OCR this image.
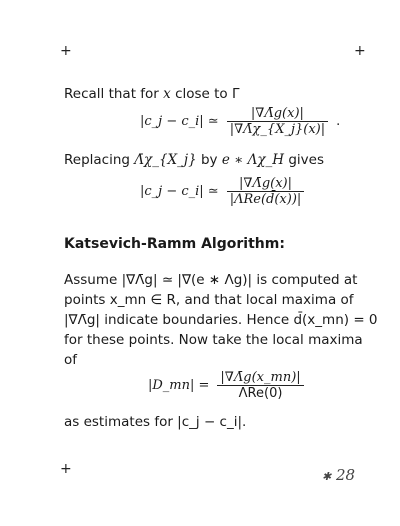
+	+
+
Recall that for x close to Γ
|c_j − c_i| ≃ $\frac{|\nabla\Lambdāg(x)|}{|\nabla\Lambdā\chi\_\{X\_j\}(x)|}$ .
Replacing Λ̄χ_{X_j} by e ∗ Λχ_H gives
|c_j − c_i| ≃ $\frac{|\nabla\Lambdāg(x)|}{\text{|ΛRe(d̄(x))|}}$
Katsevich-Ramm Algorithm:
Assume |∇Λ̄g| ≃ |∇(e ∗ Λg)| is computed at
points x_mn ∈ R, and that local maxima of
|∇Λ̄g| indicate boundaries. Hence d̄(x_mn) = 0
for these points. Now take the local maxima
of
|D_mn| = $\frac{|\nabla\Lambdāg(x\_mn)|}{\text{ΛRe(0)}}$
as estimates for |c_j − c_i|.
✱ 28
